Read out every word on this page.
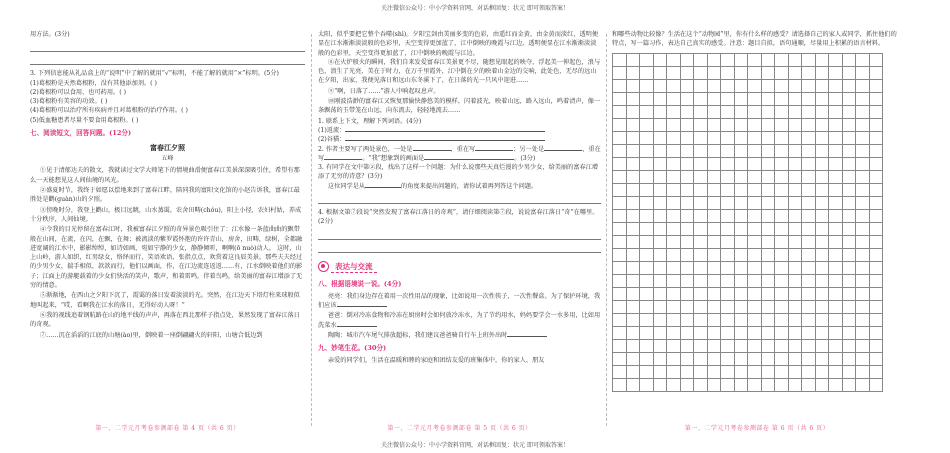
关注微信公众号：中小学资料官网，对话框回复：状元 即可领取答案！
用方法。(3分)
3. 下列信息能从礼品盒上的“说明”中了解的就用“√”标明，不能了解的就用“×”标明。(5分)
(1)葛根粉是天然葛根粉，没有其他添加剂。( )
(2)葛根粉可以食用，也可药用。( )
(3)葛根粉有美容的功效。( )
(4)葛根粉可以治疗所有疾病并且对葛根粉的治疗作用。( )
(5)低血糖患者尽量不要食用葛根粉。( )
七、阅读短文，回答问题。(12分)
富春江夕照
五峰
①见于清郁达夫的散文，我就读过文学大师笔下的情境曲滑便富春江美景深深吸引住，希望有那么一天能想见这人间仙境的风光。
②盛夏时节，我终于如愿以偿地来到了富春江畔，陪同我的富阳文化馆的小赵告诉我，富春江最胜处是鹳(guàn)山的夕照。
③傍晚时分，我登上鹳山，极目远眺，山水蒸霭，农舍田畴(chóu)，阳上小径，农妇村姑，养成十分秩序，人间仙境。
④令我的目光停留在富春江时，我被富春江夕照的奇异景色吸引住了：江水像一条蓝曲曲的飘带般在山间，在流，在闪，在飘，在舞；被流淡的紫罗霞怀抱的许许青山，房舍，田畴，绿树，全都融进宽阔的江水中，影影绰绰，如诗如画，宛如宁静的少女，静静倾听，啊啊(ō nuò)动人。 这时，山上山岭，游人如织，红男绿女，络绎而行，笑语欢语，张指点点，欢赏着这良辰美景。那些夫夫经过的少男少女，揣手相似，款款而行，他们以画面，作，在江边流连返返……有，江水倒映着他们的影子；江面上的游艇载着的少女们快活的笑声，歌声，和着雷鸣，伴着鸟鸣，给美丽的富春江增添了无穷的情意。
⑤渐渐地，在西山之夕阳下沉了，霞霭的落日发着淡淡的光。突然，在江边天下塔灯柱来球般似地叫起来，“哎，看啊我在江水的落日，无得好动人呀！”
⑥我的视线追着钢航路在山的地平线的声声，再落在西北那样子指点处，果然发现了富春江落日的奇观。
⑦……沉在滔滔的江底的山塘(ào)里，倒映着一座倒翩翩火的轩阳，山塘合低边到
第一、二学元月考卷参测部卷 第 4 页（共 6 页）
太阳，似乎要把它整个吞噬(shì)。夕阳宝剑由美丽多变的色彩，由遥红而金黄，由金黄而淡红，透明便显在江水渐渐淡淡般的色彩里，天空变得更加蓝了，江中倒映的晚霞与江边，透明便显在江水渐渐淡淡般的色彩里，天空变得更加蓝了，江中倒映的晚霞与江边。
⑧在火炉般火的瞬间，我们自来发爱富春江美景更不尽，随想见眼起的映夺，浮起美一伸起色，浪与色，浪生了光亮，美在于时力，在万千里霞外，江中倒在夕的映着山金边的交响，此处色，无尽的远山在夕阳，出家，我便见落日和远山东冬溪下了，在日落的光一只风中迎进……
⑨“啊，日落了……”游人中响起叹息声。
⑩刚波浩渺的富春江又恢复那愉快静悠美的模样，闪着波光，映着山远，路入远山，鸣着清声，像一条飘荡的玉带笼在山远，向东流去，轻轻地流去……
1. 联系上下文，理解下列词语。(4分)
(1)返流：
(2)谷猫：
2. 作者主要写了两处景色，一处是	，重在写	；另一处是	，重在写	。“我”想象到的画面是	。(3分)
3. 有同学在文中第②段，找出了这样一个问题：为什么说那些天真烂漫的少男少女，给美丽的富春江增添了无穷的诗意？(3分)
这位同学是从	的角度来提出问题的，请你试着再列答这个问题。
4. 根据文第⑦段说“突然发现了富春江落日的奇观”，请仔细阅读第⑦段，说说富春江落日“奇”在哪里。(2分)
表达与交流
八、根据语境说一说。(4分)
亮亮：我们身边存在着用一次性用品的现象，比如说用一次性筷子，一次性餐盒。为了保护环境，我们应该
爸爸：倒对冷冻食物和冷冻在厨房时会如何放冷冻水，为了节约用水，妈妈要学会一水多用，比如用洗菜水
陶陶：城市汽车尾气排放超标，我们建议爸爸骑自行车上班外出时
九、妙笔生花。(30分)
亲爱的同学们，生活在温暖和睦的家庭和团结友爱的班集体中，你的家人、朋友
第一、二学元月考卷参测部卷 第 5 页（共 6 页）
和哪些动物比较像？生活在这个“动物园”里，你有什么样的感受？请选择自己的家人或同学，抓住他们的特点，写一篇习作，表达自己真实的感受。注意：题目自拟，语句通顺，尽量用上积累的语言材料。
第一、二学元月考卷参测部卷 第 6 页（共 6 页）
关注微信公众号：中小学资料官网，对话框回复：状元 即可领取答案！
